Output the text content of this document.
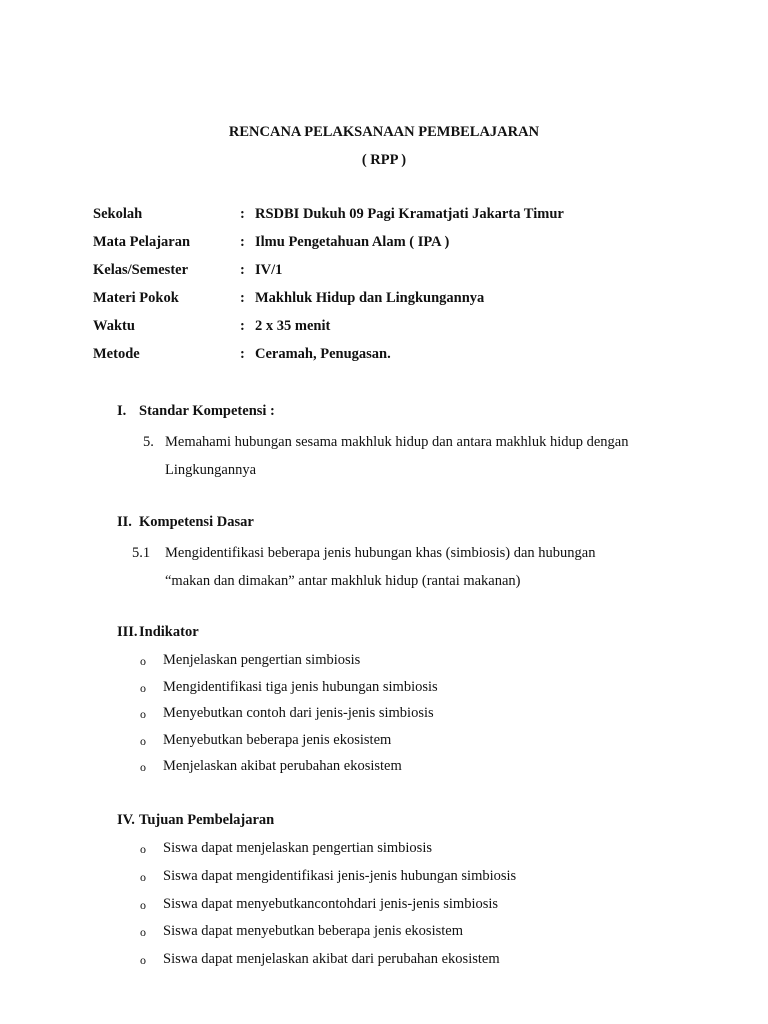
RENCANA PELAKSANAAN PEMBELAJARAN
( RPP )
Sekolah	: RSDBI Dukuh 09 Pagi Kramatjati Jakarta Timur
Mata Pelajaran	: Ilmu Pengetahuan Alam ( IPA )
Kelas/Semester	: IV/1
Materi Pokok	: Makhluk Hidup dan Lingkungannya
Waktu	: 2 x 35 menit
Metode	: Ceramah, Penugasan.
I. Standar Kompetensi :
5. Memahami hubungan sesama makhluk hidup dan antara makhluk hidup dengan
Lingkungannya
II. Kompetensi Dasar
5.1 Mengidentifikasi beberapa jenis hubungan khas (simbiosis) dan hubungan
“makan dan dimakan” antar makhluk hidup (rantai makanan)
III.Indikator
o Menjelaskan pengertian simbiosis
o Mengidentifikasi tiga jenis hubungan simbiosis
o Menyebutkan contoh dari jenis-jenis simbiosis
o Menyebutkan beberapa jenis ekosistem
o Menjelaskan akibat perubahan ekosistem
IV. Tujuan Pembelajaran
o Siswa dapat menjelaskan pengertian simbiosis
o Siswa dapat mengidentifikasi jenis-jenis hubungan simbiosis
o Siswa dapat menyebutkancontohdari jenis-jenis simbiosis
o Siswa dapat menyebutkan beberapa jenis ekosistem
o Siswa dapat menjelaskan akibat dari perubahan ekosistem
